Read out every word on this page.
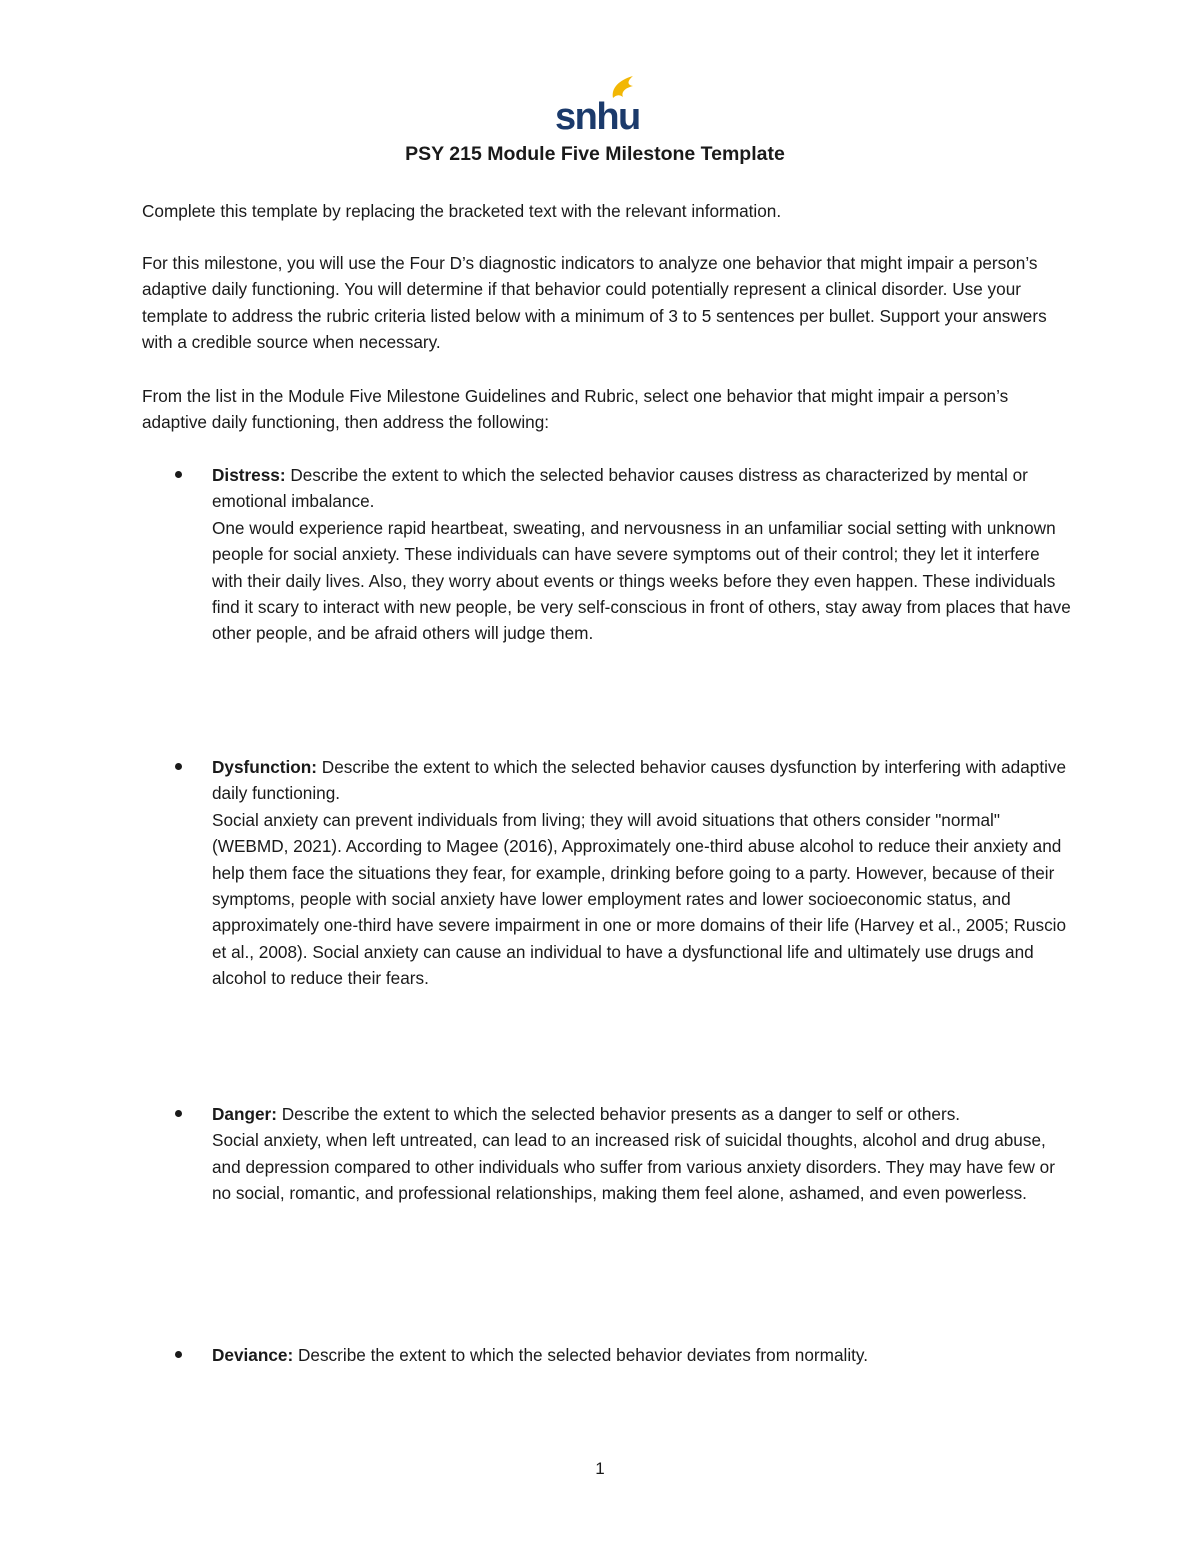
snhu
PSY 215 Module Five Milestone Template
Complete this template by replacing the bracketed text with the relevant information.
For this milestone, you will use the Four D’s diagnostic indicators to analyze one behavior that might impair a person’s adaptive daily functioning. You will determine if that behavior could potentially represent a clinical disorder. Use your template to address the rubric criteria listed below with a minimum of 3 to 5 sentences per bullet. Support your answers with a credible source when necessary.
From the list in the Module Five Milestone Guidelines and Rubric, select one behavior that might impair a person’s adaptive daily functioning, then address the following:
Distress: Describe the extent to which the selected behavior causes distress as characterized by mental or emotional imbalance.
One would experience rapid heartbeat, sweating, and nervousness in an unfamiliar social setting with unknown people for social anxiety. These individuals can have severe symptoms out of their control; they let it interfere with their daily lives. Also, they worry about events or things weeks before they even happen. These individuals find it scary to interact with new people, be very self-conscious in front of others, stay away from places that have other people, and be afraid others will judge them.
Dysfunction: Describe the extent to which the selected behavior causes dysfunction by interfering with adaptive daily functioning.
Social anxiety can prevent individuals from living; they will avoid situations that others consider "normal" (WEBMD, 2021). According to Magee (2016), Approximately one-third abuse alcohol to reduce their anxiety and help them face the situations they fear, for example, drinking before going to a party. However, because of their symptoms, people with social anxiety have lower employment rates and lower socioeconomic status, and approximately one-third have severe impairment in one or more domains of their life (Harvey et al., 2005; Ruscio et al., 2008). Social anxiety can cause an individual to have a dysfunctional life and ultimately use drugs and alcohol to reduce their fears.
Danger: Describe the extent to which the selected behavior presents as a danger to self or others.
Social anxiety, when left untreated, can lead to an increased risk of suicidal thoughts, alcohol and drug abuse, and depression compared to other individuals who suffer from various anxiety disorders. They may have few or no social, romantic, and professional relationships, making them feel alone, ashamed, and even powerless.
Deviance: Describe the extent to which the selected behavior deviates from normality.
1
